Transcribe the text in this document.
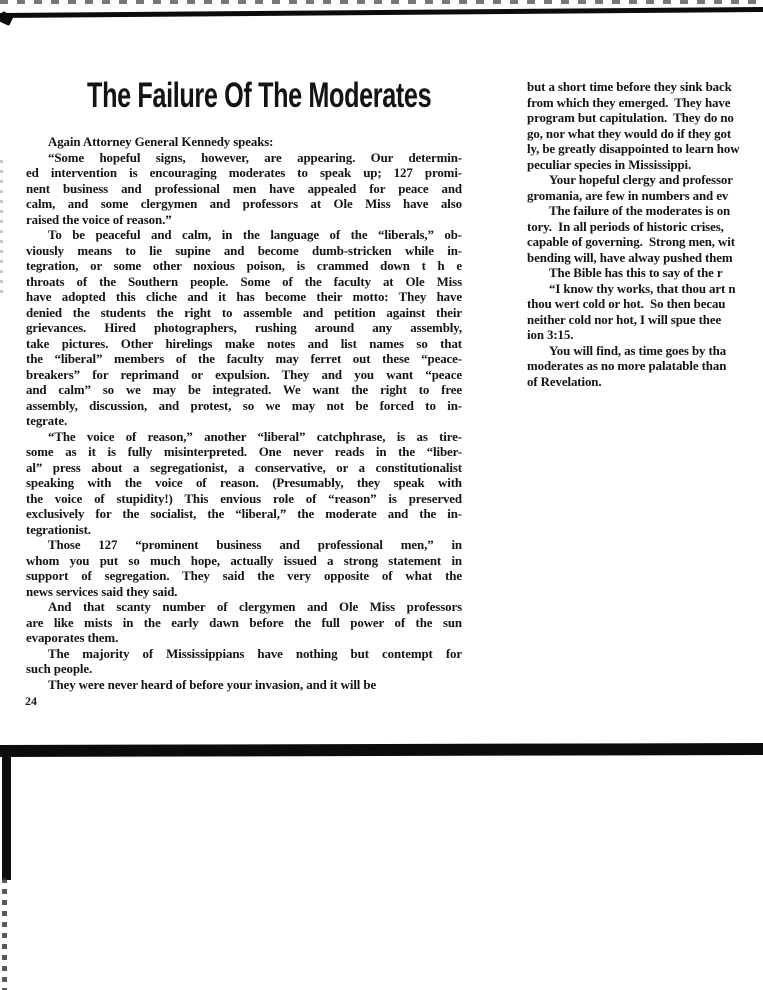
The Failure Of The Moderates
Again Attorney General Kennedy speaks:
“Some hopeful signs, however, are appearing. Our determin-
ed intervention is encouraging moderates to speak up; 127 promi-
nent business and professional men have appealed for peace and
calm, and some clergymen and professors at Ole Miss have also
raised the voice of reason.”
To be peaceful and calm, in the language of the “liberals,” ob-
viously means to lie supine and become dumb-stricken while in-
tegration, or some other noxious poison, is crammed down t h e
throats of the Southern people. Some of the faculty at Ole Miss
have adopted this cliche and it has become their motto: They have
denied the students the right to assemble and petition against their
grievances. Hired photographers, rushing around any assembly,
take pictures. Other hirelings make notes and list names so that
the “liberal” members of the faculty may ferret out these “peace-
breakers” for reprimand or expulsion. They and you want “peace
and calm” so we may be integrated. We want the right to free
assembly, discussion, and protest, so we may not be forced to in-
tegrate.
“The voice of reason,” another “liberal” catchphrase, is as tire-
some as it is fully misinterpreted. One never reads in the “liber-
al” press about a segregationist, a conservative, or a constitutionalist
speaking with the voice of reason. (Presumably, they speak with
the voice of stupidity!) This envious role of “reason” is preserved
exclusively for the socialist, the “liberal,” the moderate and the in-
tegrationist.
Those 127 “prominent business and professional men,” in
whom you put so much hope, actually issued a strong statement in
support of segregation. They said the very opposite of what the
news services said they said.
And that scanty number of clergymen and Ole Miss professors
are like mists in the early dawn before the full power of the sun
evaporates them.
The majority of Mississippians have nothing but contempt for
such people.
They were never heard of before your invasion, and it will be
but a short time before they sink back
from which they emerged.  They have
program but capitulation.  They do no
go, nor what they would do if they got
ly, be greatly disappointed to learn how
peculiar species in Mississippi.
Your hopeful clergy and professor
gromania, are few in numbers and ev
The failure of the moderates is on
tory.  In all periods of historic crises,
capable of governing.  Strong men, wit
bending will, have alway pushed them
The Bible has this to say of the r
“I know thy works, that thou art n
thou wert cold or hot.  So then becau
neither cold nor hot, I will spue thee
ion 3:15.
You will find, as time goes by tha
moderates as no more palatable than
of Revelation.
24
